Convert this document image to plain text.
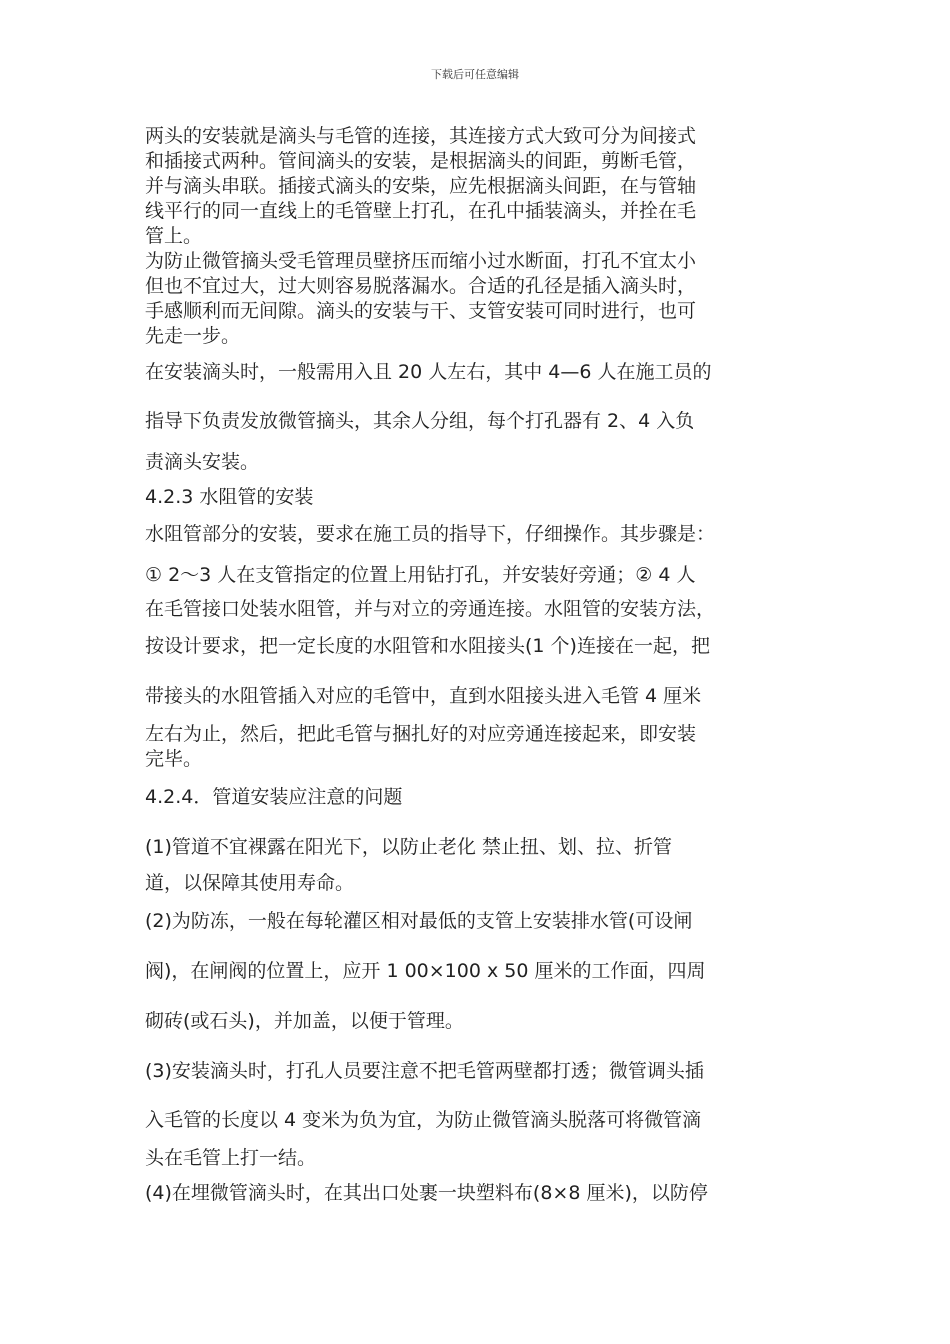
下载后可任意编辑
两头的安装就是滴头与毛管的连接，其连接方式大致可分为间接式
和插接式两种。管间滴头的安装，是根据滴头的间距，剪断毛管，
并与滴头串联。插接式滴头的安柴，应先根据滴头间距，在与管轴
线平行的同一直线上的毛管壁上打孔，在孔中插装滴头，并拴在毛
管上。
为防止微管摘头受毛管理员壁挤压而缩小过水断面，打孔不宜太小
但也不宜过大，过大则容易脱落漏水。合适的孔径是插入滴头时，
手感顺利而无间隙。滴头的安装与干、支管安装可同时进行，也可
先走一步。
在安装滴头时，一般需用入且 20 人左右，其中 4—6 人在施工员的
指导下负责发放微管摘头，其余人分组，每个打孔器有 2、4 入负
责滴头安装。
4.2.3 水阻管的安装
水阻管部分的安装，要求在施工员的指导下，仔细操作。其步骤是：
① 2～3 人在支管指定的位置上用钻打孔，并安装好旁通；② 4 人
在毛管接口处装水阻管，并与对立的旁通连接。水阻管的安装方法，
按设计要求，把一定长度的水阻管和水阻接头(1 个)连接在一起，把
带接头的水阻管插入对应的毛管中，直到水阻接头进入毛管 4 厘米
左右为止，然后，把此毛管与捆扎好的对应旁通连接起来，即安装
完毕。
4.2.4．管道安装应注意的问题
(1)管道不宜裸露在阳光下，以防止老化 禁止扭、划、拉、折管
道，以保障其使用寿命。
(2)为防冻，一般在每轮灌区相对最低的支管上安装排水管(可设闸
阀)，在闸阀的位置上，应开 1 00×100 x 50 厘米的工作面，四周
砌砖(或石头)，并加盖，以便于管理。
(3)安装滴头时，打孔人员要注意不把毛管两壁都打透；微管调头插
入毛管的长度以 4 变米为负为宜，为防止微管滴头脱落可将微管滴
头在毛管上打一结。
(4)在埋微管滴头时，在其出口处裹一块塑料布(8×8 厘米)，以防停
